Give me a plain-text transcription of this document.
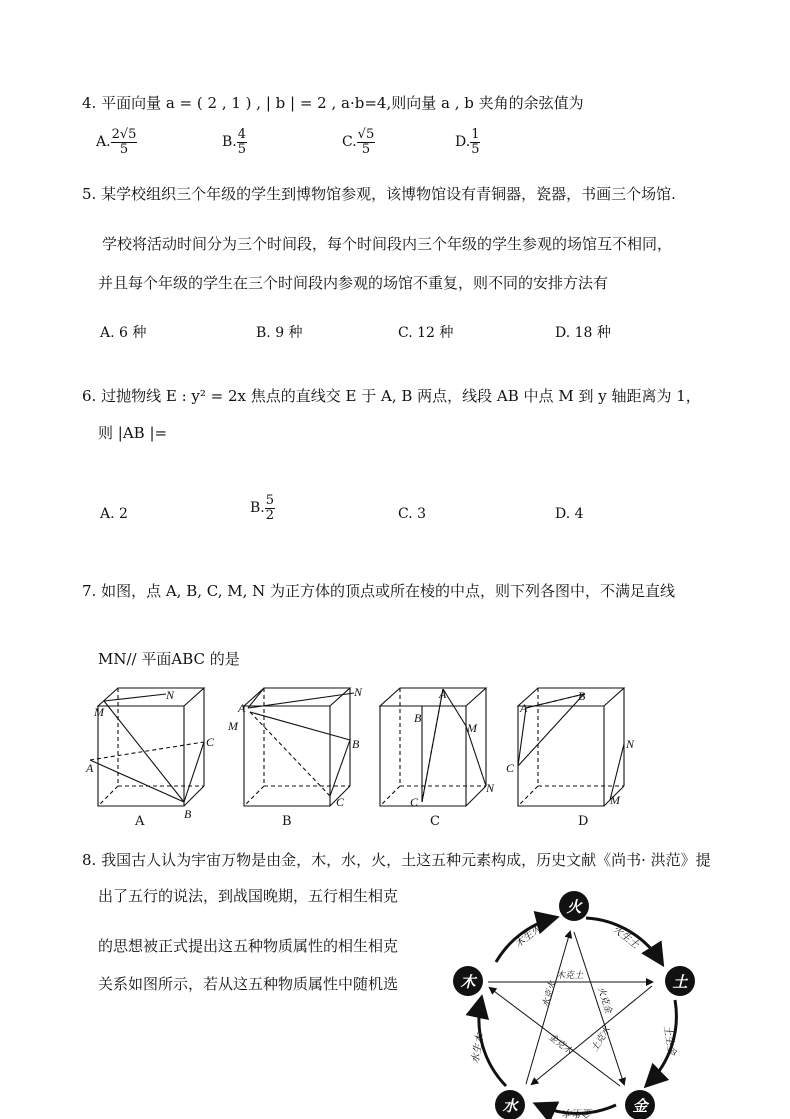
4. 平面向量 a = ( 2 , 1 ) , | b | = 2 , a·b=4,则向量 a , b 夹角的余弦值为
A. $\frac{2√5}{5}$	B. $\frac{4}{5}$	C. $\frac{√5}{5}$	D. $\frac{1}{5}$
5. 某学校组织三个年级的学生到博物馆参观，该博物馆设有青铜器，瓷器，书画三个场馆.
学校将活动时间分为三个时间段，每个时间段内三个年级的学生参观的场馆互不相同，
并且每个年级的学生在三个时间段内参观的场馆不重复，则不同的安排方法有
A. 6 种	B. 9 种	C. 12 种	D. 18 种
6. 过抛物线 E : y² = 2x 焦点的直线交 E 于 A, B 两点，线段 AB 中点 M 到 y 轴距离为 1，
则 |AB |=
A. 2	B. $\frac{5}{2}$	C. 3	D. 4
7. 如图，点 A, B, C, M, N 为正方体的顶点或所在棱的中点，则下列各图中，不满足直线
MN// 平面ABC 的是
M
N
A
B
C
A
M
N
B
C
A
B
M
N
C
A
B
C
N
M
A	B	C	D
8. 我国古人认为宇宙万物是由金，木，水，火，土这五种元素构成，历史文献《尚书· 洪范》提
出了五行的说法，到战国晚期，五行相生相克
的思想被正式提出这五种物质属性的相生相克
关系如图所示，若从这五种物质属性中随机选
火
土
金
水
木
木生火	火生土
土生金
金生水
水生木
木克土
土克水
水克火	火克金
金克木
